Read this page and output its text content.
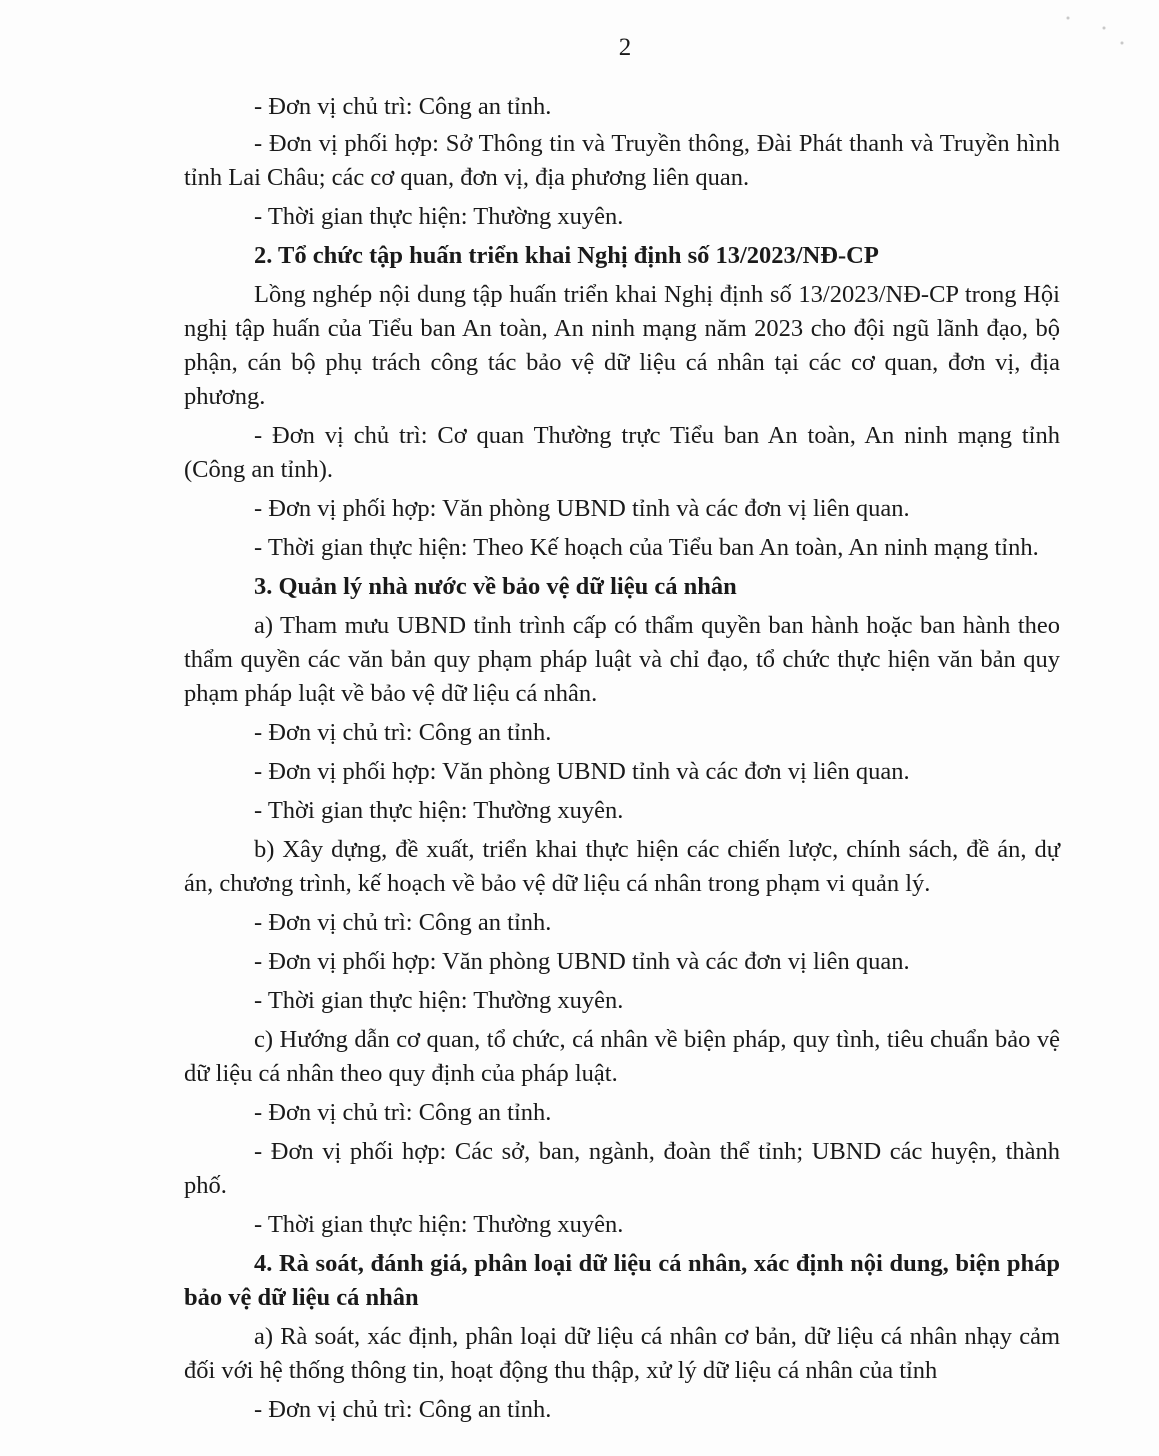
2

- Đơn vị chủ trì: Công an tỉnh.

- Đơn vị phối hợp: Sở Thông tin và Truyền thông, Đài Phát thanh và Truyền hình tỉnh Lai Châu; các cơ quan, đơn vị, địa phương liên quan.

- Thời gian thực hiện: Thường xuyên.

2. Tổ chức tập huấn triển khai Nghị định số 13/2023/NĐ-CP

Lồng nghép nội dung tập huấn triển khai Nghị định số 13/2023/NĐ-CP trong Hội nghị tập huấn của Tiểu ban An toàn, An ninh mạng năm 2023 cho đội ngũ lãnh đạo, bộ phận, cán bộ phụ trách công tác bảo vệ dữ liệu cá nhân tại các cơ quan, đơn vị, địa phương.

- Đơn vị chủ trì: Cơ quan Thường trực Tiểu ban An toàn, An ninh mạng tỉnh (Công an tỉnh).

- Đơn vị phối hợp: Văn phòng UBND tỉnh và các đơn vị liên quan.

- Thời gian thực hiện: Theo Kế hoạch của Tiểu ban An toàn, An ninh mạng tỉnh.

3. Quản lý nhà nước về bảo vệ dữ liệu cá nhân

a) Tham mưu UBND tỉnh trình cấp có thẩm quyền ban hành hoặc ban hành theo thẩm quyền các văn bản quy phạm pháp luật và chỉ đạo, tổ chức thực hiện văn bản quy phạm pháp luật về bảo vệ dữ liệu cá nhân.

- Đơn vị chủ trì: Công an tỉnh.

- Đơn vị phối hợp: Văn phòng UBND tỉnh và các đơn vị liên quan.

- Thời gian thực hiện: Thường xuyên.

b) Xây dựng, đề xuất, triển khai thực hiện các chiến lược, chính sách, đề án, dự án, chương trình, kế hoạch về bảo vệ dữ liệu cá nhân trong phạm vi quản lý.

- Đơn vị chủ trì: Công an tỉnh.

- Đơn vị phối hợp: Văn phòng UBND tỉnh và các đơn vị liên quan.

- Thời gian thực hiện: Thường xuyên.

c) Hướng dẫn cơ quan, tổ chức, cá nhân về biện pháp, quy tình, tiêu chuẩn bảo vệ dữ liệu cá nhân theo quy định của pháp luật.

- Đơn vị chủ trì: Công an tỉnh.

- Đơn vị phối hợp: Các sở, ban, ngành, đoàn thể tỉnh; UBND các huyện, thành phố.

- Thời gian thực hiện: Thường xuyên.

4. Rà soát, đánh giá, phân loại dữ liệu cá nhân, xác định nội dung, biện pháp bảo vệ dữ liệu cá nhân

a) Rà soát, xác định, phân loại dữ liệu cá nhân cơ bản, dữ liệu cá nhân nhạy cảm đối với hệ thống thông tin, hoạt động thu thập, xử lý dữ liệu cá nhân của tỉnh

- Đơn vị chủ trì: Công an tỉnh.
